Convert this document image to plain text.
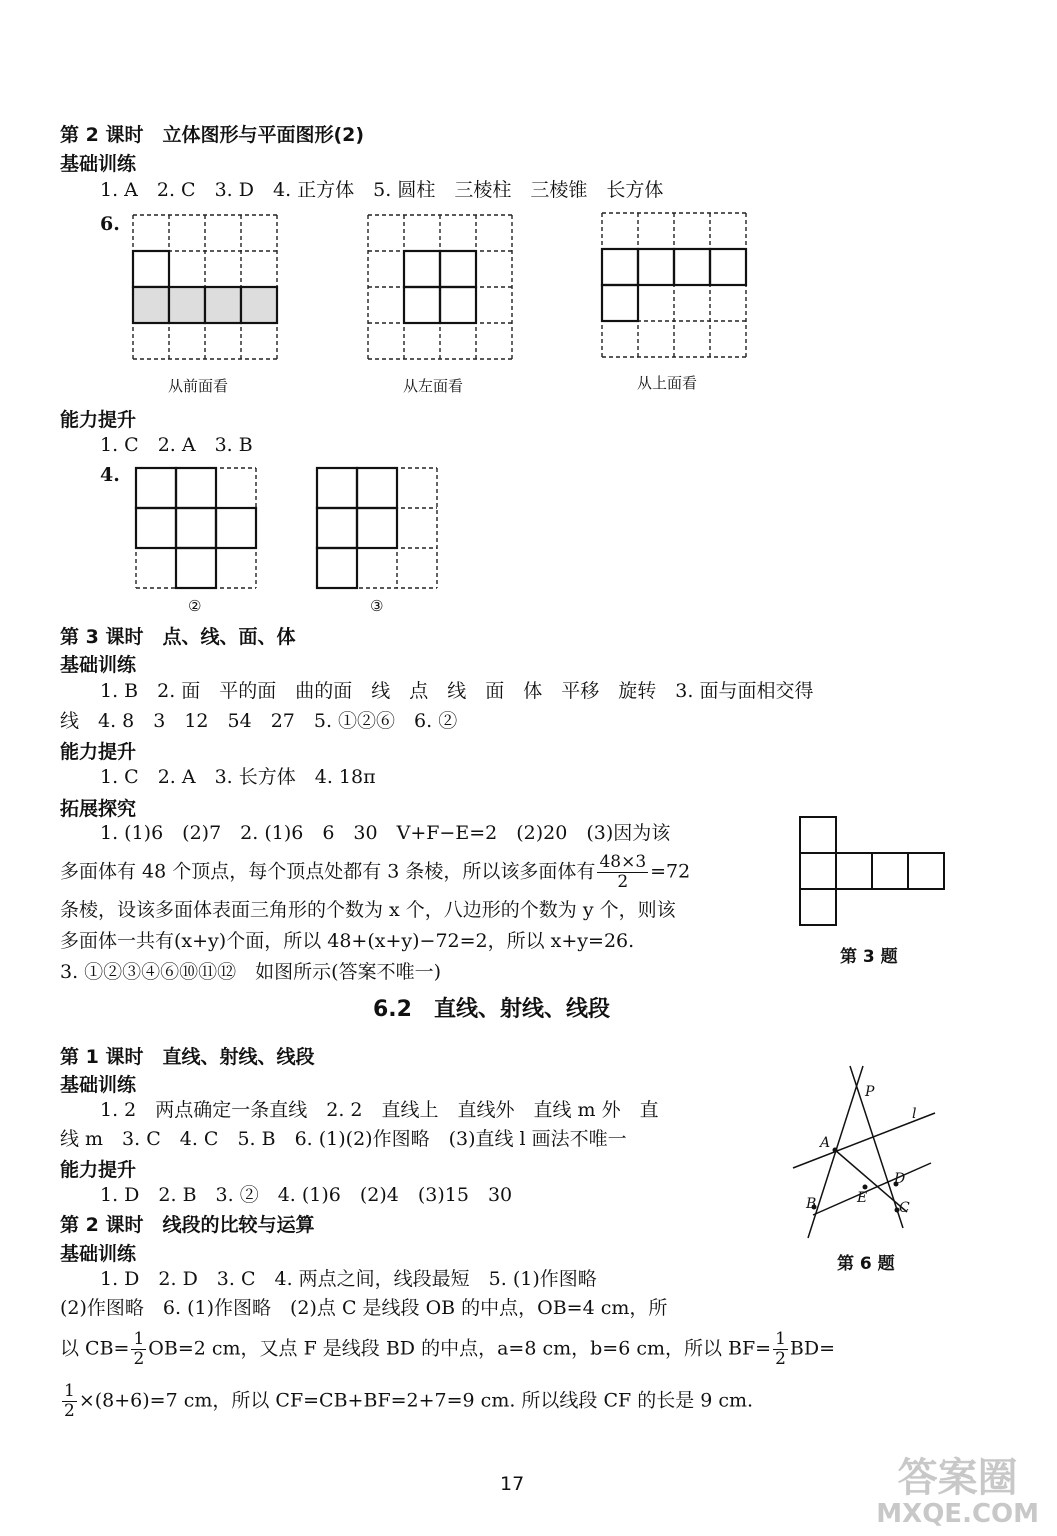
第 2 课时　立体图形与平面图形(2)
基础训练
1. A　2. C　3. D　4. 正方体　5. 圆柱　三棱柱　三棱锥　长方体
6.
从前面看	从左面看	从上面看
能力提升
1. C　2. A　3. B
4.
②	③
第 3 课时　点、线、面、体
基础训练
1. B　2. 面　平的面　曲的面　线　点　线　面　体　平移　旋转　3. 面与面相交得
线　4. 8　3　12　54　27　5. ①②⑥　6. ②
能力提升
1. C　2. A　3. 长方体　4. 18π
拓展探究
1. (1)6　(2)7　2. (1)6　6　30　V+F−E=2　(2)20　(3)因为该
多面体有 48 个顶点，每个顶点处都有 3 条棱，所以该多面体有 $\frac{48\times 3}{2} =72$
条棱，设该多面体表面三角形的个数为 x 个，八边形的个数为 y 个，则该
多面体一共有(x+y)个面，所以 48+(x+y)−72=2，所以 x+y=26.
3. ①②③④⑥⑩⑪⑫　如图所示(答案不唯一)
第 3 题
6.2　直线、射线、线段
第 1 课时　直线、射线、线段
基础训练
1. 2　两点确定一条直线　2. 2　直线上　直线外　直线 m 外　直
线 m　3. C　4. C　5. B　6. (1)(2)作图略　(3)直线 l 画法不唯一
能力提升
1. D　2. B　3. ②　4. (1)6　(2)4　(3)15　30
第 2 课时　线段的比较与运算
基础训练
1. D　2. D　3. C　4. 两点之间，线段最短　5. (1)作图略
(2)作图略　6. (1)作图略　(2)点 C 是线段 OB 的中点，OB=4 cm，所
以 $CB= \frac{1}{2} OB=2$ cm，又点 F 是线段 BD 的中点，a=8 cm，b=6 cm，所以 $BF= \frac{1}{2} BD=$
$\frac{1}{2} \times(8+6)=7$ cm，所以 CF=CB+BF=2+7=9 cm. 所以线段 CF 的长是 9 cm.
P
l
A
D
E
B	C
第 6 题
17	答案圈
MXQE.COM
